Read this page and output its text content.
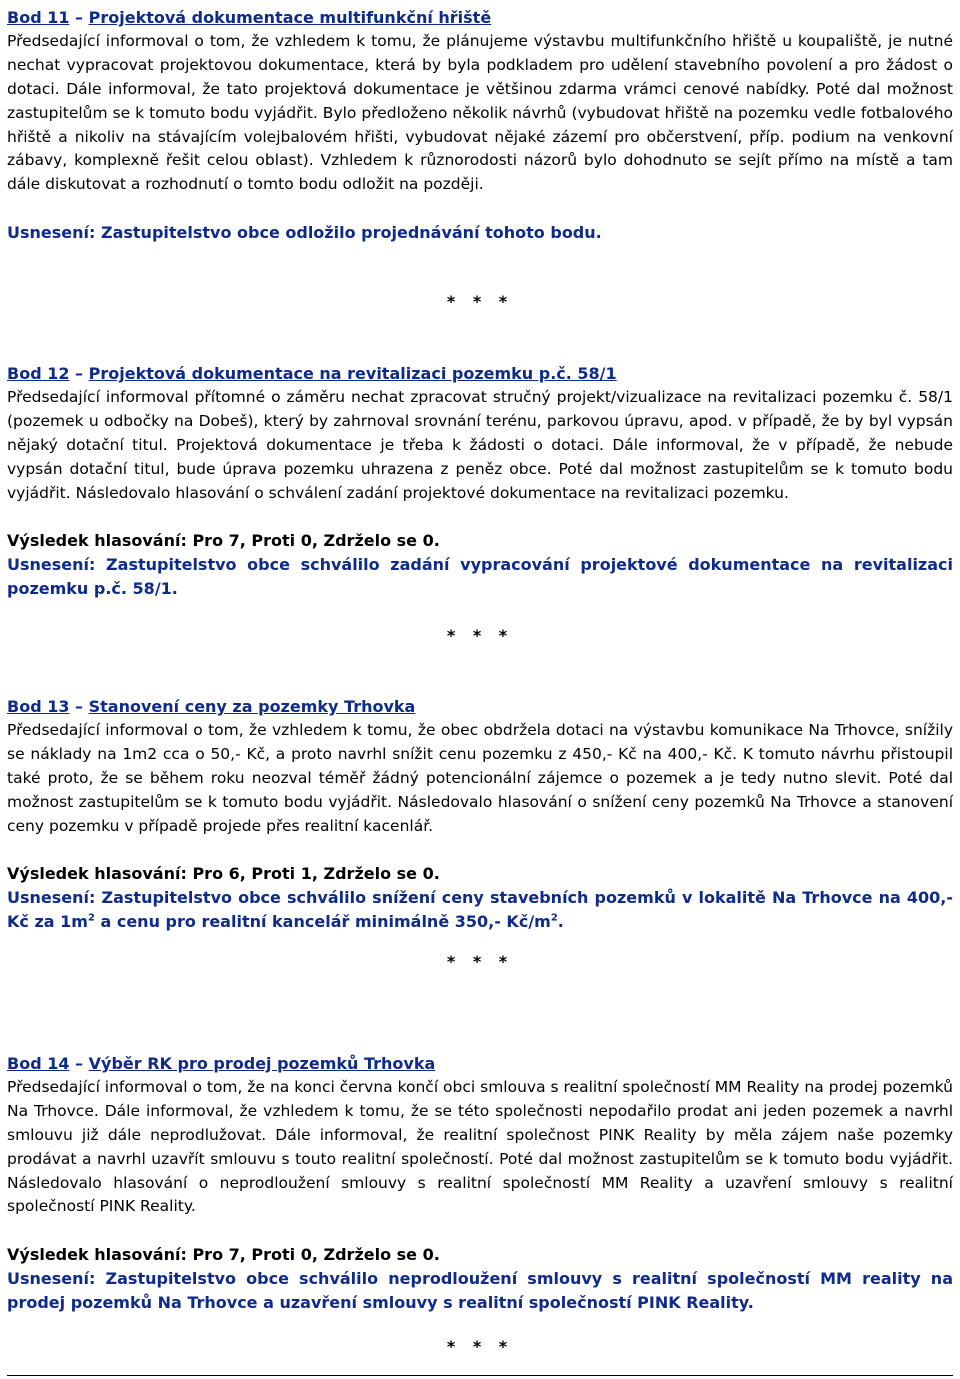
Bod 11 – Projektová dokumentace multifunkční hřiště

Předsedající informoval o tom, že vzhledem k tomu, že plánujeme výstavbu multifunkčního hřiště u koupaliště, je nutné nechat vypracovat projektovou dokumentace, která by byla podkladem pro udělení stavebního povolení a pro žádost o dotaci. Dále informoval, že tato projektová dokumentace je většinou zdarma vrámci cenové nabídky. Poté dal možnost zastupitelům se k tomuto bodu vyjádřit. Bylo předloženo několik návrhů (vybudovat hřiště na pozemku vedle fotbalového hřiště a nikoliv na stávajícím volejbalovém hřišti, vybudovat nějaké zázemí pro občerstvení, příp. podium na venkovní zábavy, komplexně řešit celou oblast). Vzhledem k různorodosti názorů bylo dohodnuto se sejít přímo na místě a tam dále diskutovat a rozhodnutí o tomto bodu odložit na později.

Usnesení: Zastupitelstvo obce odložilo projednávání tohoto bodu.

* * *

Bod 12 – Projektová dokumentace na revitalizaci pozemku p.č. 58/1

Předsedající informoval přítomné o záměru nechat zpracovat stručný projekt/vizualizace na revitalizaci pozemku č. 58/1 (pozemek u odbočky na Dobeš), který by zahrnoval srovnání terénu, parkovou úpravu, apod. v případě, že by byl vypsán nějaký dotační titul. Projektová dokumentace je třeba k žádosti o dotaci. Dále informoval, že v případě, že nebude vypsán dotační titul, bude úprava pozemku uhrazena z peněz obce. Poté dal možnost zastupitelům se k tomuto bodu vyjádřit. Následovalo hlasování o schválení zadání projektové dokumentace na revitalizaci pozemku.

Výsledek hlasování: Pro 7, Proti 0, Zdrželo se 0.

Usnesení: Zastupitelstvo obce schválilo zadání vypracování projektové dokumentace na revitalizaci pozemku p.č. 58/1.

* * *

Bod 13 – Stanovení ceny za pozemky Trhovka

Předsedající informoval o tom, že vzhledem k tomu, že obec obdržela dotaci na výstavbu komunikace Na Trhovce, snížily se náklady na 1m2 cca o 50,- Kč, a proto navrhl snížit cenu pozemku z 450,- Kč na 400,- Kč. K tomuto návrhu přistoupil také proto, že se během roku neozval téměř žádný potencionální zájemce o pozemek a je tedy nutno slevit. Poté dal možnost zastupitelům se k tomuto bodu vyjádřit. Následovalo hlasování o snížení ceny pozemků Na Trhovce a stanovení ceny pozemku v případě projede přes realitní kacenlář.

Výsledek hlasování: Pro 6, Proti 1, Zdrželo se 0.

Usnesení: Zastupitelstvo obce schválilo snížení ceny stavebních pozemků v lokalitě Na Trhovce na 400,- Kč za $1m^2$ a cenu pro realitní kancelář minimálně 350,- $Kč/m^2$.

* * *

Bod 14 – Výběr RK pro prodej pozemků Trhovka

Předsedající informoval o tom, že na konci června končí obci smlouva s realitní společností MM Reality na prodej pozemků Na Trhovce. Dále informoval, že vzhledem k tomu, že se této společnosti nepodařilo prodat ani jeden pozemek a navrhl smlouvu již dále neprodlužovat. Dále informoval, že realitní společnost PINK Reality by měla zájem naše pozemky prodávat a navrhl uzavřít smlouvu s touto realitní společností. Poté dal možnost zastupitelům se k tomuto bodu vyjádřit. Následovalo hlasování o neprodloužení smlouvy s realitní společností MM Reality a uzavření smlouvy s realitní společností PINK Reality.

Výsledek hlasování: Pro 7, Proti 0, Zdrželo se 0.

Usnesení: Zastupitelstvo obce schválilo neprodloužení smlouvy s realitní společností MM reality na prodej pozemků Na Trhovce a uzavření smlouvy s realitní společností PINK Reality.

* * *
